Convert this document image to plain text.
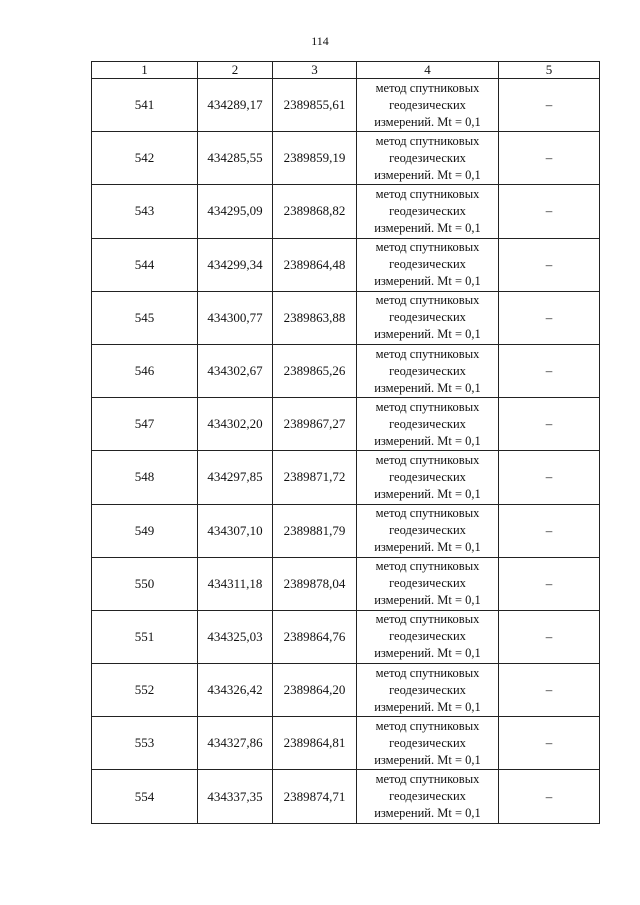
114
1	2	3	4	5
541	434289,17	2389855,61	метод спутниковых
геодезических
измерений. Mt = 0,1	–
542	434285,55	2389859,19	метод спутниковых
геодезических
измерений. Mt = 0,1	–
543	434295,09	2389868,82	метод спутниковых
геодезических
измерений. Mt = 0,1	–
544	434299,34	2389864,48	метод спутниковых
геодезических
измерений. Mt = 0,1	–
545	434300,77	2389863,88	метод спутниковых
геодезических
измерений. Mt = 0,1	–
546	434302,67	2389865,26	метод спутниковых
геодезических
измерений. Mt = 0,1	–
547	434302,20	2389867,27	метод спутниковых
геодезических
измерений. Mt = 0,1	–
548	434297,85	2389871,72	метод спутниковых
геодезических
измерений. Mt = 0,1	–
549	434307,10	2389881,79	метод спутниковых
геодезических
измерений. Mt = 0,1	–
550	434311,18	2389878,04	метод спутниковых
геодезических
измерений. Mt = 0,1	–
551	434325,03	2389864,76	метод спутниковых
геодезических
измерений. Mt = 0,1	–
552	434326,42	2389864,20	метод спутниковых
геодезических
измерений. Mt = 0,1	–
553	434327,86	2389864,81	метод спутниковых
геодезических
измерений. Mt = 0,1	–
554	434337,35	2389874,71	метод спутниковых
геодезических
измерений. Mt = 0,1	–
